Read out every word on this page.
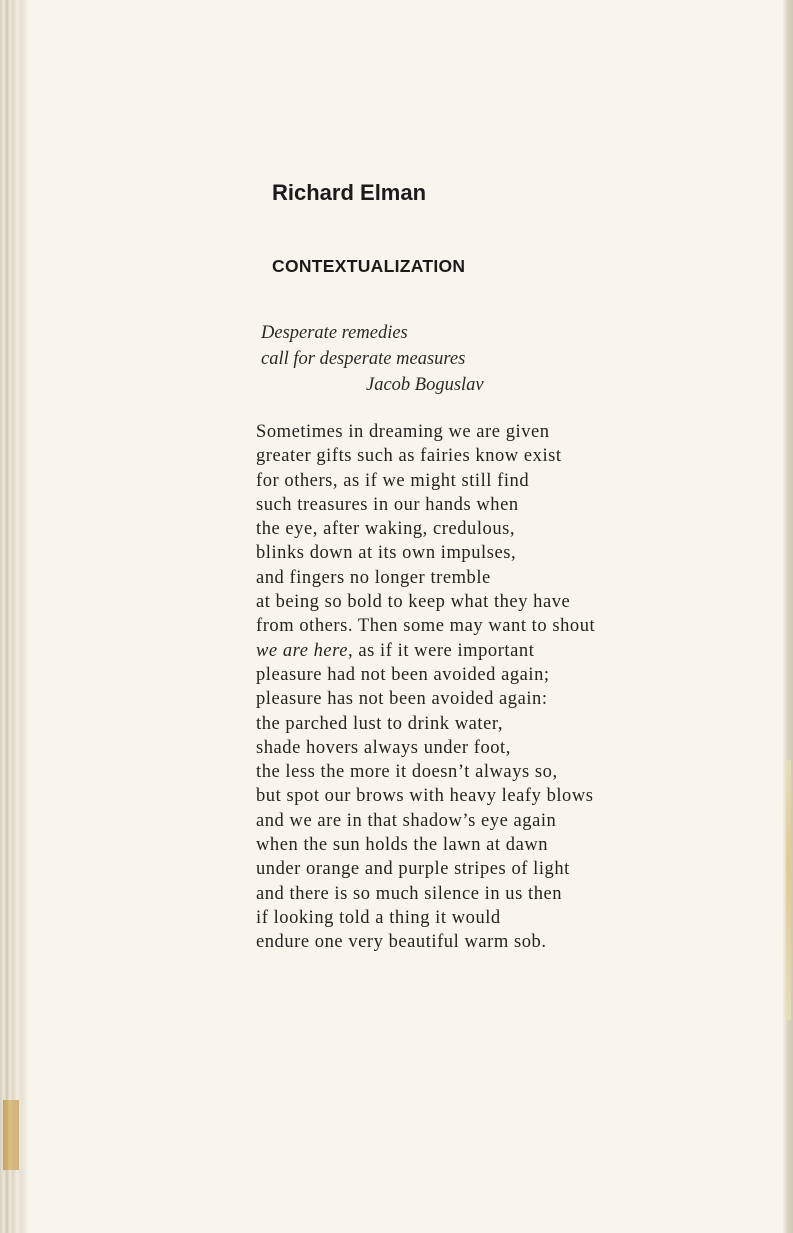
Richard Elman
CONTEXTUALIZATION
Desperate remedies
call for desperate measures
Jacob Boguslav
Sometimes in dreaming we are given
greater gifts such as fairies know exist
for others, as if we might still find
such treasures in our hands when
the eye, after waking, credulous,
blinks down at its own impulses,
and fingers no longer tremble
at being so bold to keep what they have
from others. Then some may want to shout
we are here, as if it were important
pleasure had not been avoided again;
pleasure has not been avoided again:
the parched lust to drink water,
shade hovers always under foot,
the less the more it doesn’t always so,
but spot our brows with heavy leafy blows
and we are in that shadow’s eye again
when the sun holds the lawn at dawn
under orange and purple stripes of light
and there is so much silence in us then
if looking told a thing it would
endure one very beautiful warm sob.
